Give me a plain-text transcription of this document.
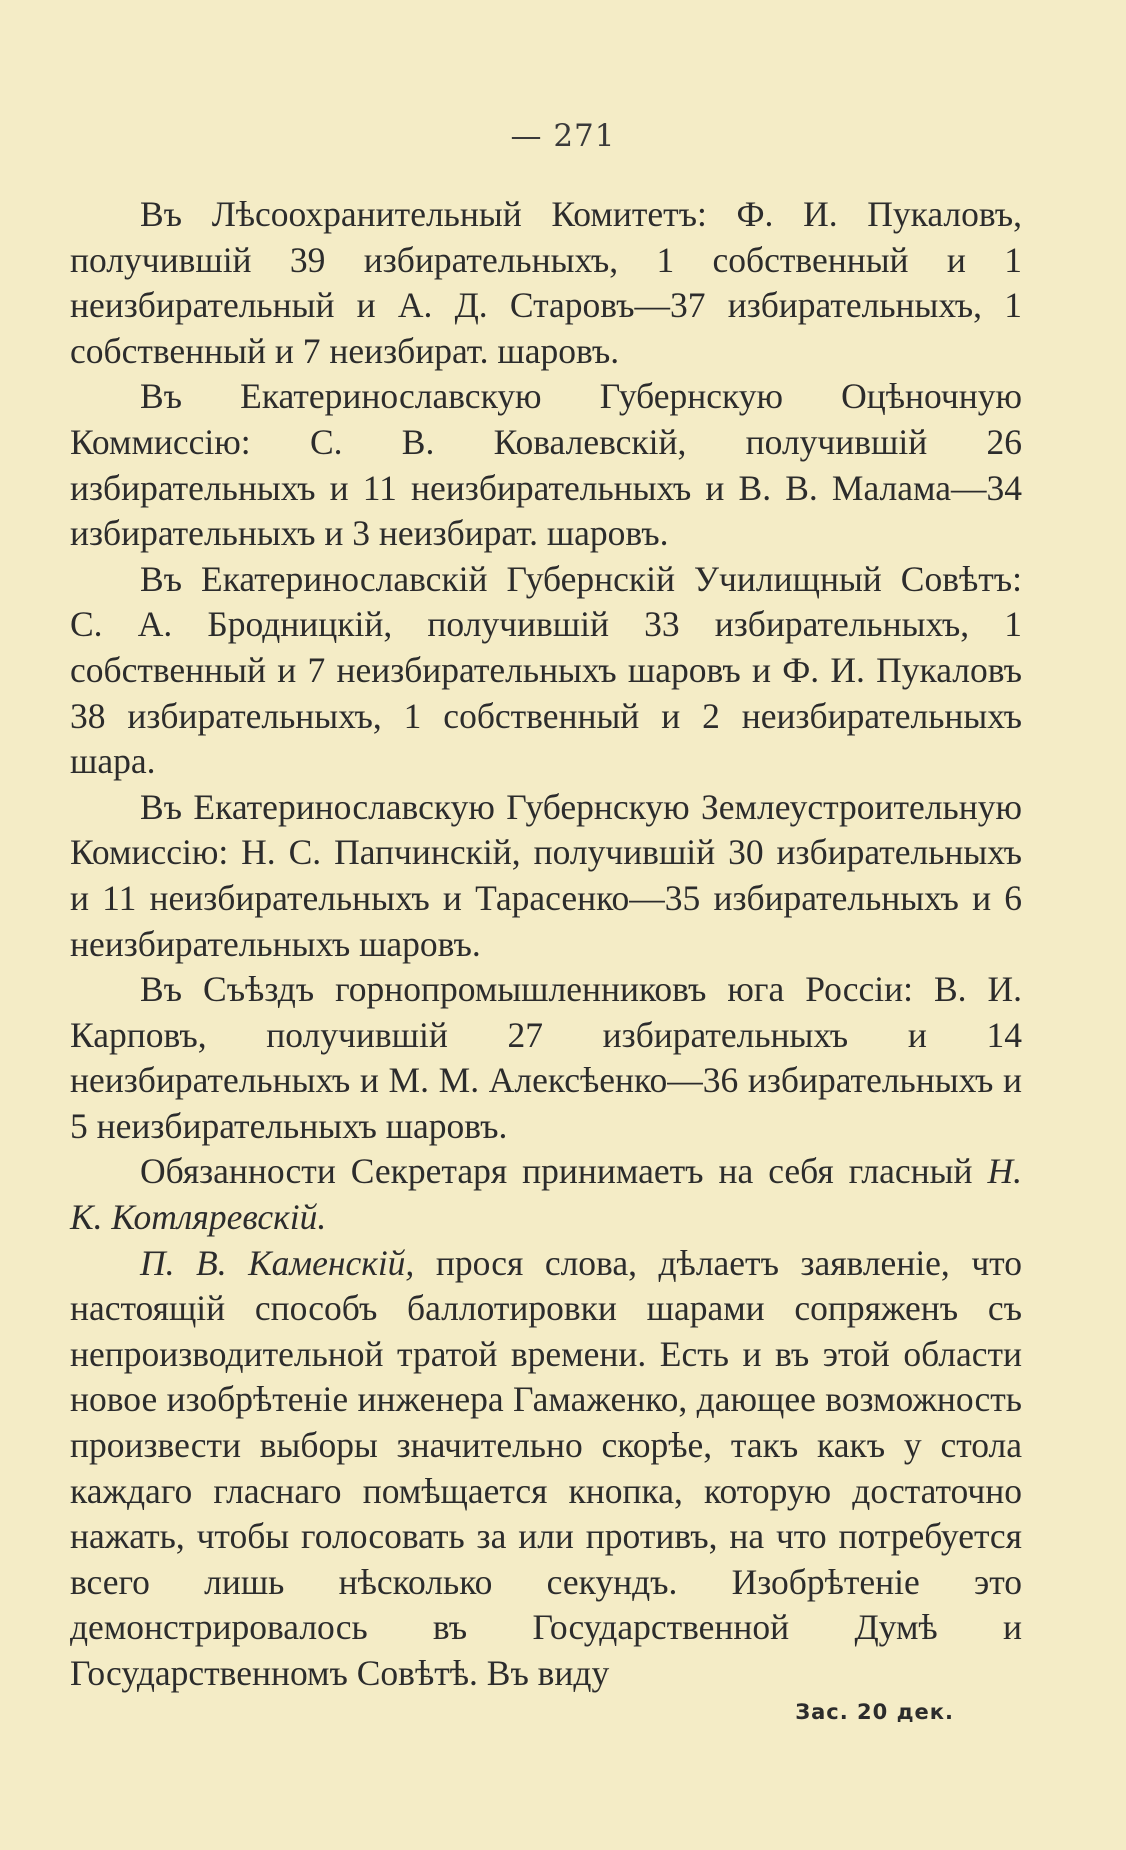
— 271

Въ Лѣсоохранительный Комитетъ: Ф. И. Пукаловъ, получившій 39 избирательныхъ, 1 собственный и 1 неизбирательный и А. Д. Старовъ—37 избирательныхъ, 1 собственный и 7 неизбират. шаровъ.

Въ Екатеринославскую Губернскую Оцѣночную Коммиссію: С. В. Ковалевскій, получившій 26 избирательныхъ и 11 неизбирательныхъ и В. В. Малама—34 избирательныхъ и 3 неизбират. шаровъ.

Въ Екатеринославскій Губернскій Училищный Совѣтъ: С. А. Бродницкій, получившій 33 избирательныхъ, 1 собственный и 7 неизбирательныхъ шаровъ и Ф. И. Пукаловъ 38 избирательныхъ, 1 собственный и 2 неизбирательныхъ шара.

Въ Екатеринославскую Губернскую Землеустроительную Комиссію: Н. С. Папчинскій, получившій 30 избирательныхъ и 11 неизбирательныхъ и Тарасенко—35 избирательныхъ и 6 неизбирательныхъ шаровъ.

Въ Съѣздъ горнопромышленниковъ юга Россіи: В. И. Карповъ, получившій 27 избирательныхъ и 14 неизбирательныхъ и М. М. Алексѣенко—36 избирательныхъ и 5 неизбирательныхъ шаровъ.

Обязанности Секретаря принимаетъ на себя гласный Н. К. Котляревскій.

П. В. Каменскій, прося слова, дѣлаетъ заявленіе, что настоящій способъ баллотировки шарами сопряженъ съ непроизводительной тратой времени. Есть и въ этой области новое изобрѣтеніе инженера Гамаженко, дающее возможность произвести выборы значительно скорѣе, такъ какъ у стола каждаго гласнаго помѣщается кнопка, которую достаточно нажать, чтобы голосовать за или противъ, на что потребуется всего лишь нѣсколько секундъ. Изобрѣтеніе это демонстрировалось въ Государственной Думѣ и Государственномъ Совѣтѣ. Въ виду

Зас. 20 дек.
